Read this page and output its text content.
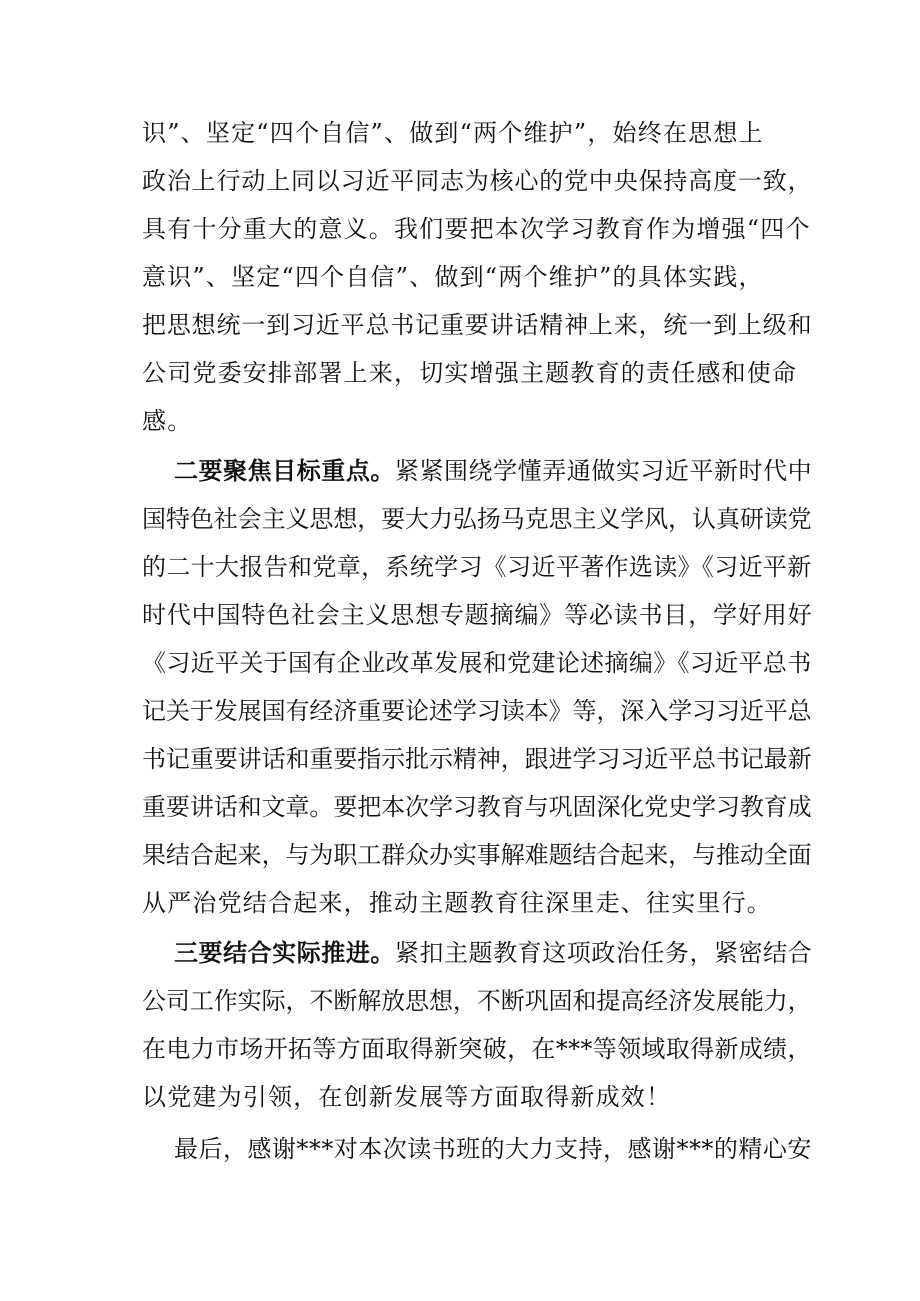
识”、坚定“四个自信”、做到“两个维护”，始终在思想上
政治上行动上同以习近平同志为核心的党中央保持高度一致，
具有十分重大的意义。我们要把本次学习教育作为增强“四个
意识”、坚定“四个自信”、做到“两个维护”的具体实践，
把思想统一到习近平总书记重要讲话精神上来，统一到上级和
公司党委安排部署上来，切实增强主题教育的责任感和使命
感。
二要聚焦目标重点。紧紧围绕学懂弄通做实习近平新时代中
国特色社会主义思想，要大力弘扬马克思主义学风，认真研读党
的二十大报告和党章，系统学习《习近平著作选读》《习近平新
时代中国特色社会主义思想专题摘编》等必读书目，学好用好
《习近平关于国有企业改革发展和党建论述摘编》《习近平总书
记关于发展国有经济重要论述学习读本》等，深入学习习近平总
书记重要讲话和重要指示批示精神，跟进学习习近平总书记最新
重要讲话和文章。要把本次学习教育与巩固深化党史学习教育成
果结合起来，与为职工群众办实事解难题结合起来，与推动全面
从严治党结合起来，推动主题教育往深里走、往实里行。
三要结合实际推进。紧扣主题教育这项政治任务，紧密结合
公司工作实际，不断解放思想，不断巩固和提高经济发展能力，
在电力市场开拓等方面取得新突破，在***等领域取得新成绩，
以党建为引领，在创新发展等方面取得新成效！
最后，感谢***对本次读书班的大力支持，感谢***的精心安
